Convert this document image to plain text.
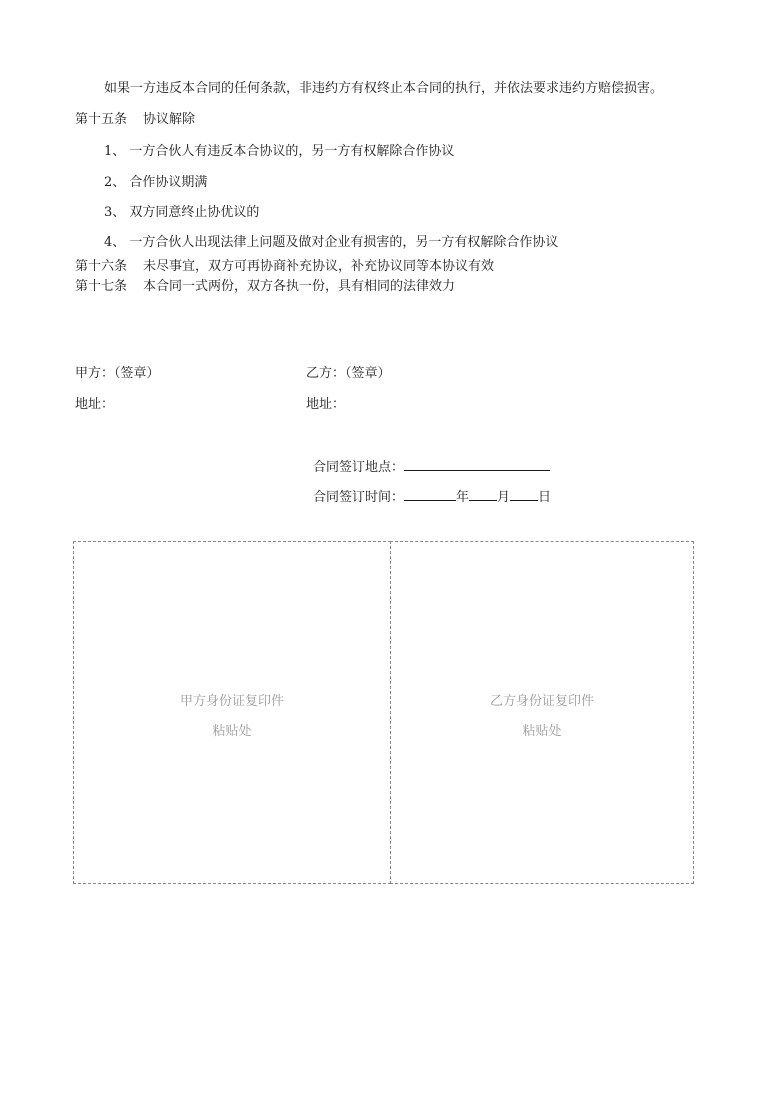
如果一方违反本合同的任何条款，非违约方有权终止本合同的执行，并依法要求违约方赔偿损害。
第十五条 协议解除
1、 一方合伙人有违反本合协议的，另一方有权解除合作协议
2、 合作协议期满
3、 双方同意终止协优议的
4、 一方合伙人出现法律上问题及做对企业有损害的，另一方有权解除合作协议
第十六条 未尽事宜，双方可再协商补充协议，补充协议同等本协议有效
第十七条 本合同一式两份，双方各执一份，具有相同的法律效力
甲方：（签章）	乙方：（签章）
地址：	地址：
合同签订地点：
合同签订时间：	年 月 日
甲方身份证复印件
粘贴处
乙方身份证复印件
粘贴处
